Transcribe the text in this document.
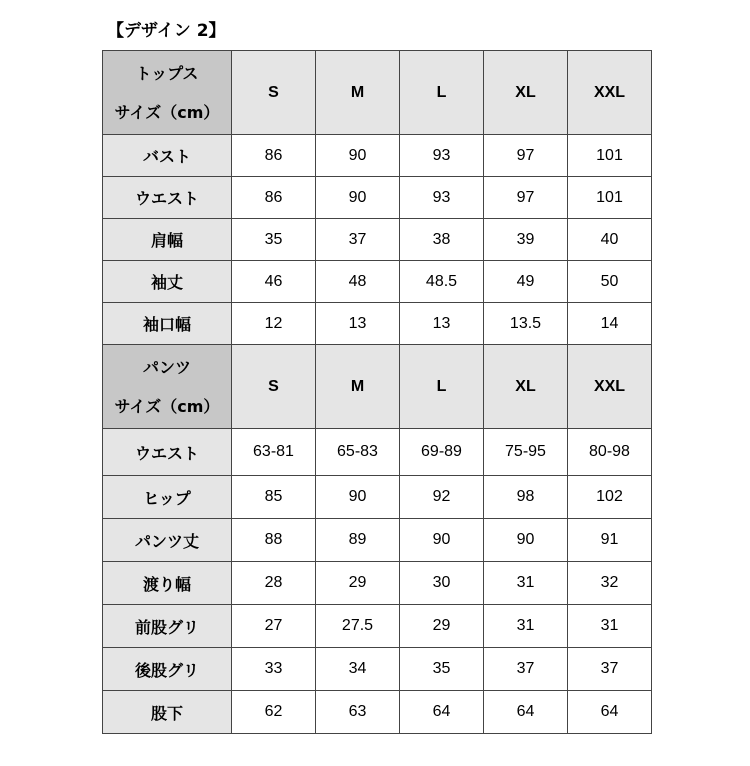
【デザイン 2】
トップス
サイズ（cm）	S	M	L	XL	XXL
バスト	86	90	93	97	101
ウエスト	86	90	93	97	101
肩幅	35	37	38	39	40
袖丈	46	48	48.5	49	50
袖口幅	12	13	13	13.5	14

パンツ
サイズ（cm）	S	M	L	XL	XXL
ウエスト	63-81	65-83	69-89	75-95	80-98
ヒップ	85	90	92	98	102
パンツ丈	88	89	90	90	91
渡り幅	28	29	30	31	32
前股グリ	27	27.5	29	31	31
後股グリ	33	34	35	37	37
股下	62	63	64	64	64
